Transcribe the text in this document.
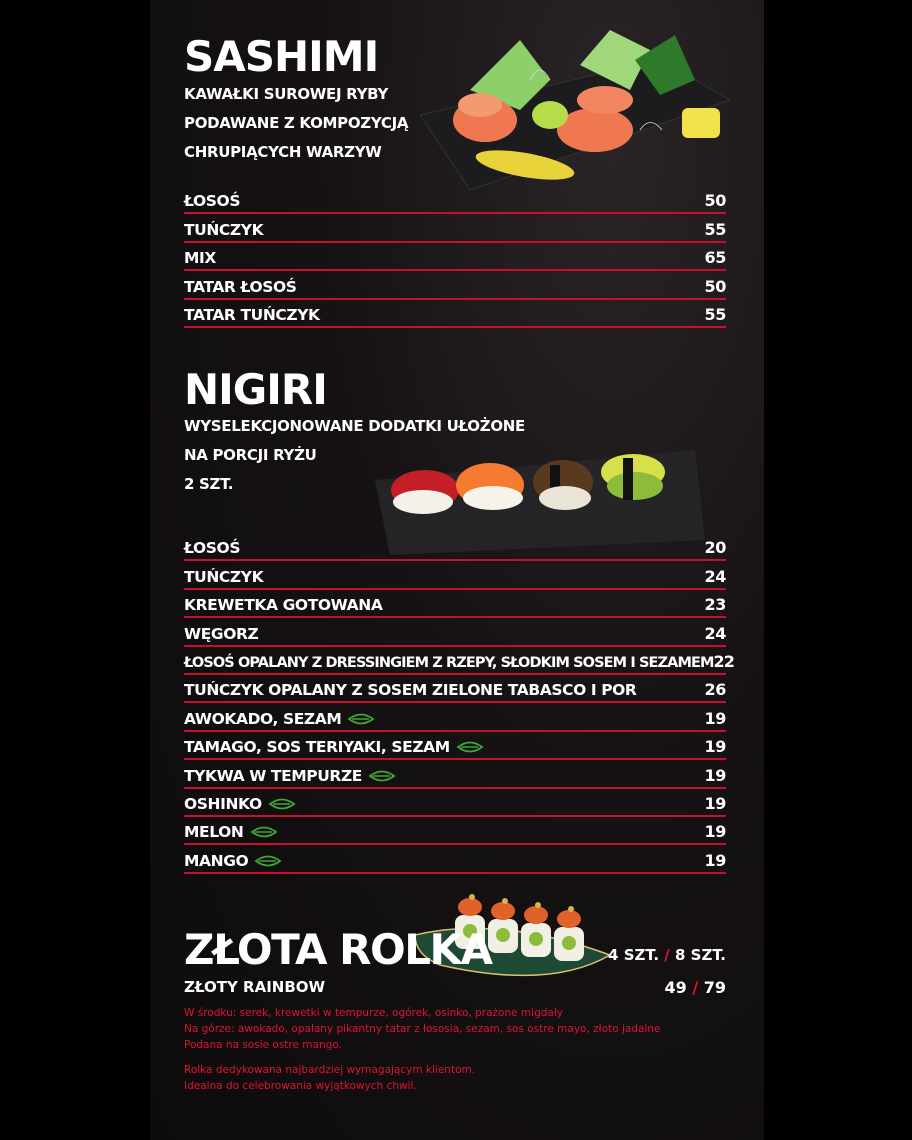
SASHIMI
KAWAŁKI SUROWEJ RYBY
PODAWANE Z KOMPOZYCJĄ
CHRUPIĄCYCH WARZYW
ŁOSOŚ	50
TUŃCZYK	55
MIX	65
TATAR ŁOSOŚ	50
TATAR TUŃCZYK	55
NIGIRI
WYSELEKCJONOWANE DODATKI UŁOŻONE
NA PORCJI RYŻU
2 SZT.
ŁOSOŚ	20
TUŃCZYK	24
KREWETKA GOTOWANA	23
WĘGORZ	24
ŁOSOŚ OPALANY Z DRESSINGIEM Z RZEPY, SŁODKIM SOSEM I SEZAMEM 22
TUŃCZYK OPALANY Z SOSEM ZIELONE TABASCO I POR	26
AWOKADO, SEZAM	19
TAMAGO, SOS TERIYAKI, SEZAM	19
TYKWA W TEMPURZE	19
OSHINKO	19
MELON	19
MANGO	19
ZŁOTA ROLKA
ZŁOTY RAINBOW
4 SZT. / 8 SZT.
49 / 79
W środku: serek, krewetki w tempurze, ogórek, osinko, prażone migdały
Na górze: awokado, opalany pikantny tatar z łososia, sezam, sos ostre mayo, złoto jadalne
Podana na sosie ostre mango.
Rolka dedykowana najbardziej wymagającym klientom.
Idealna do celebrowania wyjątkowych chwil.
